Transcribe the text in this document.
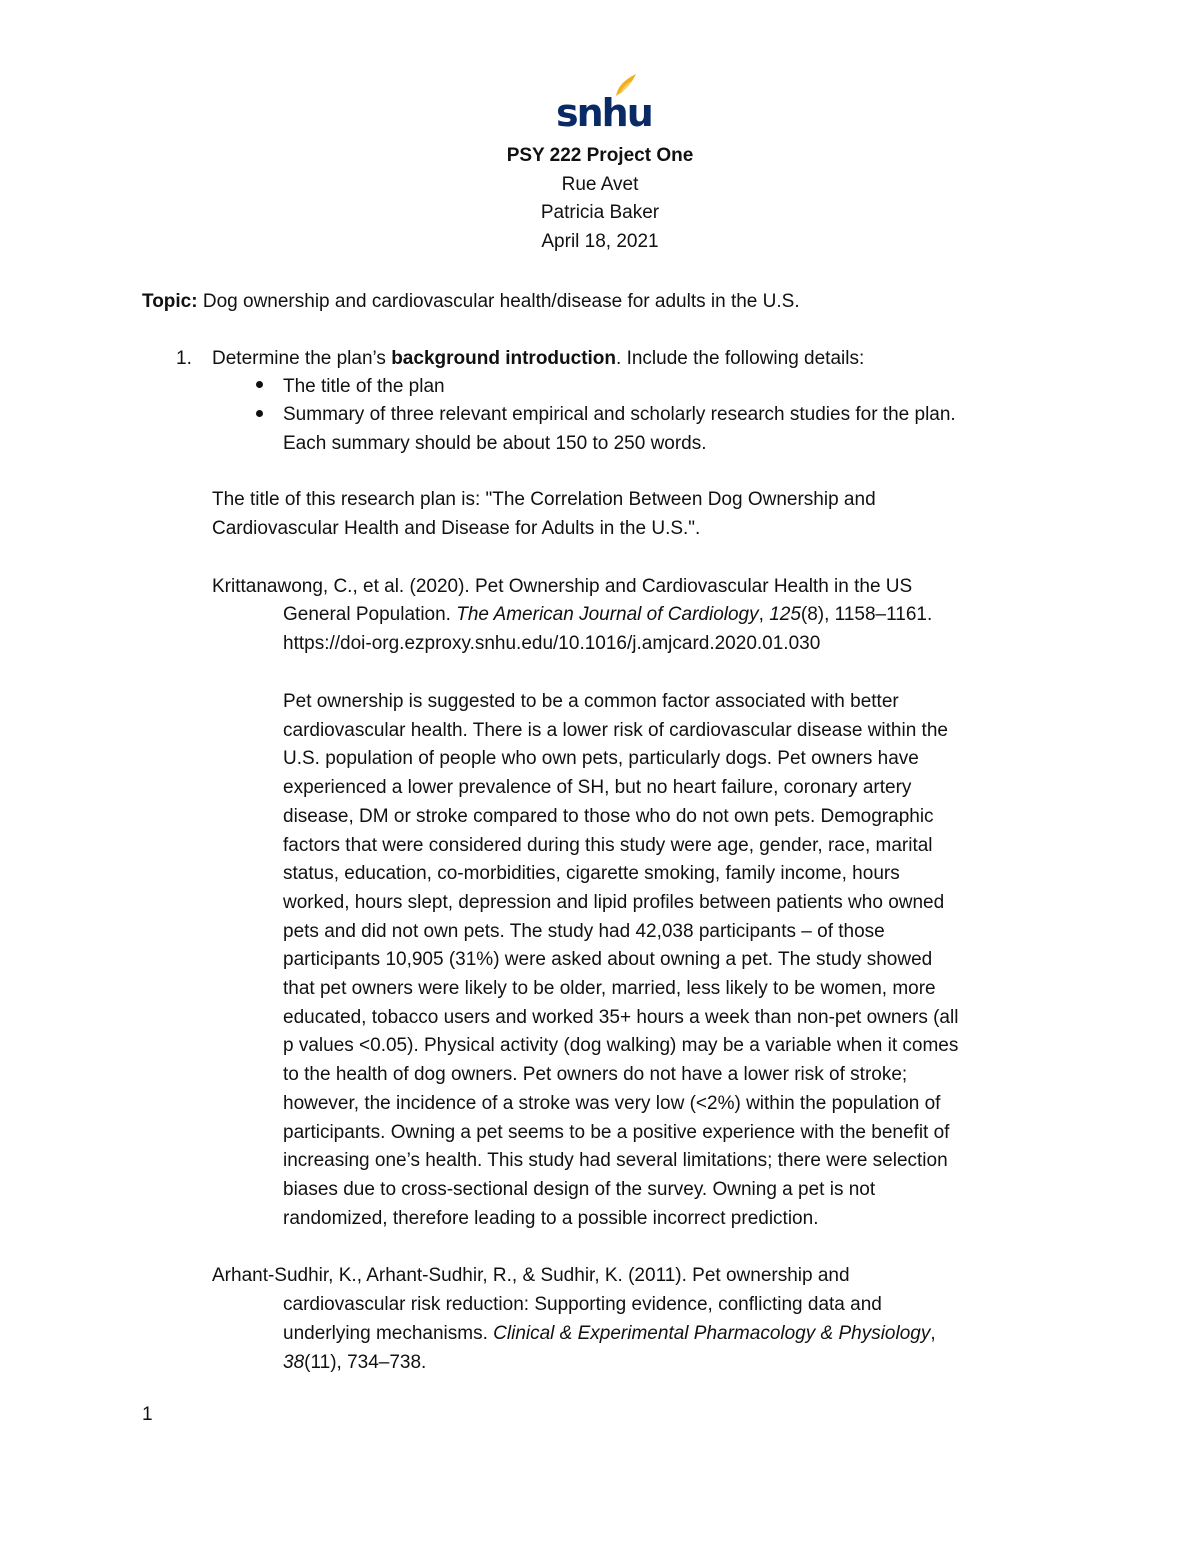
snhu
PSY 222 Project One
Rue Avet
Patricia Baker
April 18, 2021
Topic: Dog ownership and cardiovascular health/disease for adults in the U.S.
1. Determine the plan’s background introduction. Include the following details:
The title of the plan
Summary of three relevant empirical and scholarly research studies for the plan.
Each summary should be about 150 to 250 words.
The title of this research plan is: "The Correlation Between Dog Ownership and
Cardiovascular Health and Disease for Adults in the U.S.".
Krittanawong, C., et al. (2020). Pet Ownership and Cardiovascular Health in the US
General Population. The American Journal of Cardiology, 125(8), 1158–1161.
https://doi-org.ezproxy.snhu.edu/10.1016/j.amjcard.2020.01.030
Pet ownership is suggested to be a common factor associated with better
cardiovascular health. There is a lower risk of cardiovascular disease within the
U.S. population of people who own pets, particularly dogs. Pet owners have
experienced a lower prevalence of SH, but no heart failure, coronary artery
disease, DM or stroke compared to those who do not own pets. Demographic
factors that were considered during this study were age, gender, race, marital
status, education, co-morbidities, cigarette smoking, family income, hours
worked, hours slept, depression and lipid profiles between patients who owned
pets and did not own pets. The study had 42,038 participants – of those
participants 10,905 (31%) were asked about owning a pet. The study showed
that pet owners were likely to be older, married, less likely to be women, more
educated, tobacco users and worked 35+ hours a week than non-pet owners (all
p values <0.05). Physical activity (dog walking) may be a variable when it comes
to the health of dog owners. Pet owners do not have a lower risk of stroke;
however, the incidence of a stroke was very low (<2%) within the population of
participants. Owning a pet seems to be a positive experience with the benefit of
increasing one’s health. This study had several limitations; there were selection
biases due to cross-sectional design of the survey. Owning a pet is not
randomized, therefore leading to a possible incorrect prediction.
Arhant-Sudhir, K., Arhant-Sudhir, R., & Sudhir, K. (2011). Pet ownership and
cardiovascular risk reduction: Supporting evidence, conflicting data and
underlying mechanisms. Clinical & Experimental Pharmacology & Physiology,
38(11), 734–738.
1
